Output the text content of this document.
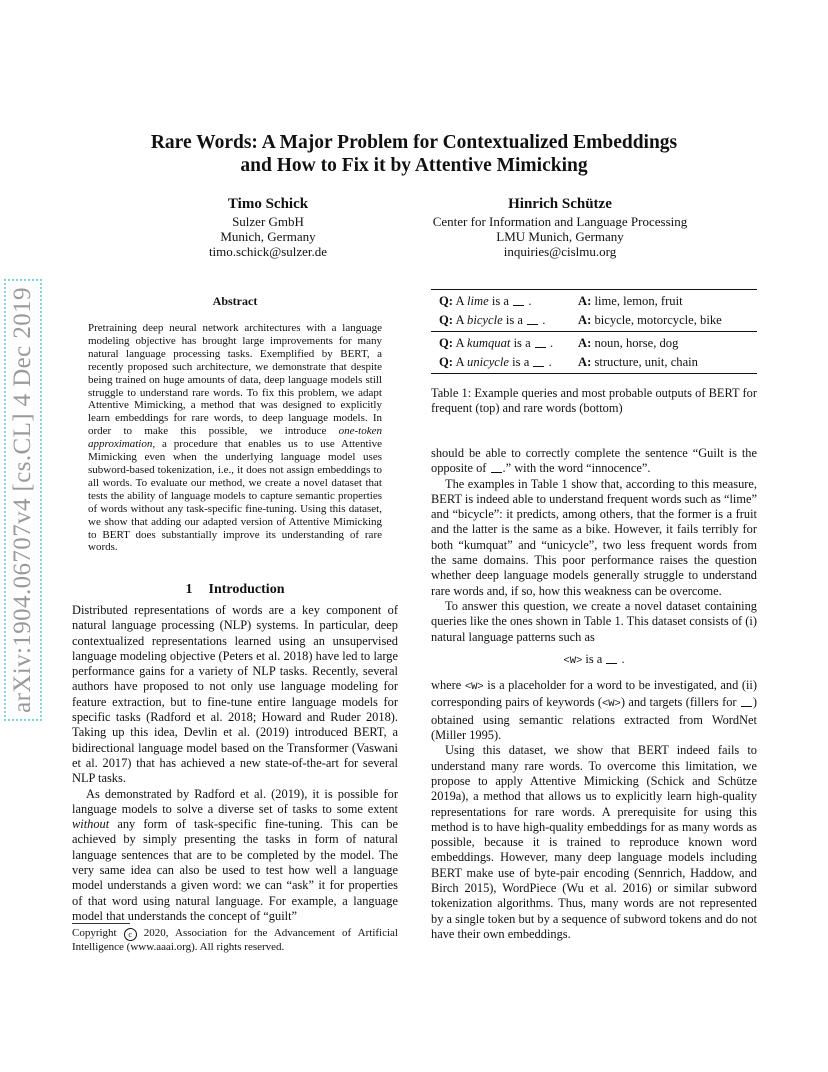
arXiv:1904.06707v4 [cs.CL] 4 Dec 2019
Rare Words: A Major Problem for Contextualized Embeddings
and How to Fix it by Attentive Mimicking
Timo Schick
Sulzer GmbH
Munich, Germany
timo.schick@sulzer.de
Hinrich Schütze
Center for Information and Language Processing
LMU Munich, Germany
inquiries@cislmu.org
Abstract
Pretraining deep neural network architectures with a language modeling objective has brought large improvements for many natural language processing tasks. Exemplified by BERT, a recently proposed such architecture, we demonstrate that despite being trained on huge amounts of data, deep language models still struggle to understand rare words. To fix this problem, we adapt Attentive Mimicking, a method that was designed to explicitly learn embeddings for rare words, to deep language models. In order to make this possible, we introduce one-token approximation, a procedure that enables us to use Attentive Mimicking even when the underlying language model uses subword-based tokenization, i.e., it does not assign embeddings to all words. To evaluate our method, we create a novel dataset that tests the ability of language models to capture semantic properties of words without any task-specific fine-tuning. Using this dataset, we show that adding our adapted version of Attentive Mimicking to BERT does substantially improve its understanding of rare words.
1 Introduction

Distributed representations of words are a key component of natural language processing (NLP) systems. In particular, deep contextualized representations learned using an unsupervised language modeling objective (Peters et al. 2018) have led to large performance gains for a variety of NLP tasks. Recently, several authors have proposed to not only use language modeling for feature extraction, but to fine-tune entire language models for specific tasks (Radford et al. 2018; Howard and Ruder 2018). Taking up this idea, Devlin et al. (2019) introduced BERT, a bidirectional language model based on the Transformer (Vaswani et al. 2017) that has achieved a new state-of-the-art for several NLP tasks.

As demonstrated by Radford et al. (2019), it is possible for language models to solve a diverse set of tasks to some extent without any form of task-specific fine-tuning. This can be achieved by simply presenting the tasks in form of natural language sentences that are to be completed by the model. The very same idea can also be used to test how well a language model understands a given word: we can “ask” it for properties of that word using natural language. For example, a language model that understands the concept of “guilt”

Copyright c 2020, Association for the Advancement of Artificial Intelligence (www.aaai.org). All rights reserved.
Q: A lime is a  .	A: lime, lemon, fruit
Q: A bicycle is a  .	A: bicycle, motorcycle, bike
Q: A kumquat is a  .	A: noun, horse, dog
Q: A unicycle is a  .	A: structure, unit, chain
Table 1: Example queries and most probable outputs of BERT for frequent (top) and rare words (bottom)

should be able to correctly complete the sentence “Guilt is the opposite of .” with the word “innocence”.

The examples in Table 1 show that, according to this measure, BERT is indeed able to understand frequent words such as “lime” and “bicycle”: it predicts, among others, that the former is a fruit and the latter is the same as a bike. However, it fails terribly for both “kumquat” and “unicycle”, two less frequent words from the same domains. This poor performance raises the question whether deep language models generally struggle to understand rare words and, if so, how this weakness can be overcome.

To answer this question, we create a novel dataset containing queries like the ones shown in Table 1. This dataset consists of (i) natural language patterns such as

<W> is a  .

where <W> is a placeholder for a word to be investigated, and (ii) corresponding pairs of keywords (<W>) and targets (fillers for ) obtained using semantic relations extracted from WordNet (Miller 1995).

Using this dataset, we show that BERT indeed fails to understand many rare words. To overcome this limitation, we propose to apply Attentive Mimicking (Schick and Schütze 2019a), a method that allows us to explicitly learn high-quality representations for rare words. A prerequisite for using this method is to have high-quality embeddings for as many words as possible, because it is trained to reproduce known word embeddings. However, many deep language models including BERT make use of byte-pair encoding (Sennrich, Haddow, and Birch 2015), WordPiece (Wu et al. 2016) or similar subword tokenization algorithms. Thus, many words are not represented by a single token but by a sequence of subword tokens and do not have their own embeddings.
